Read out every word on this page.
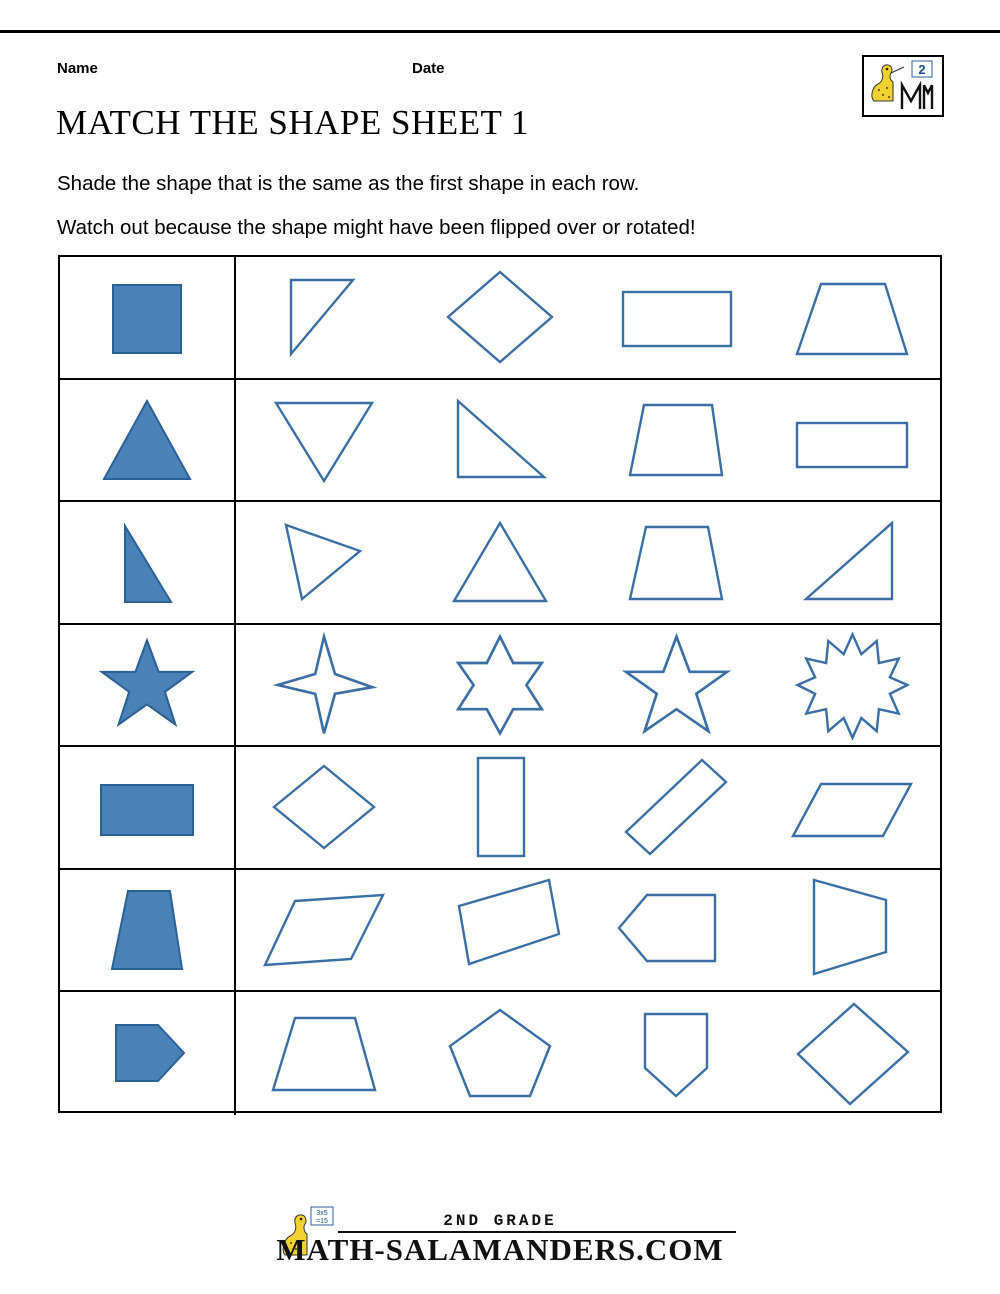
Name	Date	2
MATCH THE SHAPE SHEET 1
Shade the shape that is the same as the first shape in each row.
Watch out because the shape might have been flipped over or rotated!
3x5
=15	2ND GRADE
MATH-SALAMANDERS.COM
